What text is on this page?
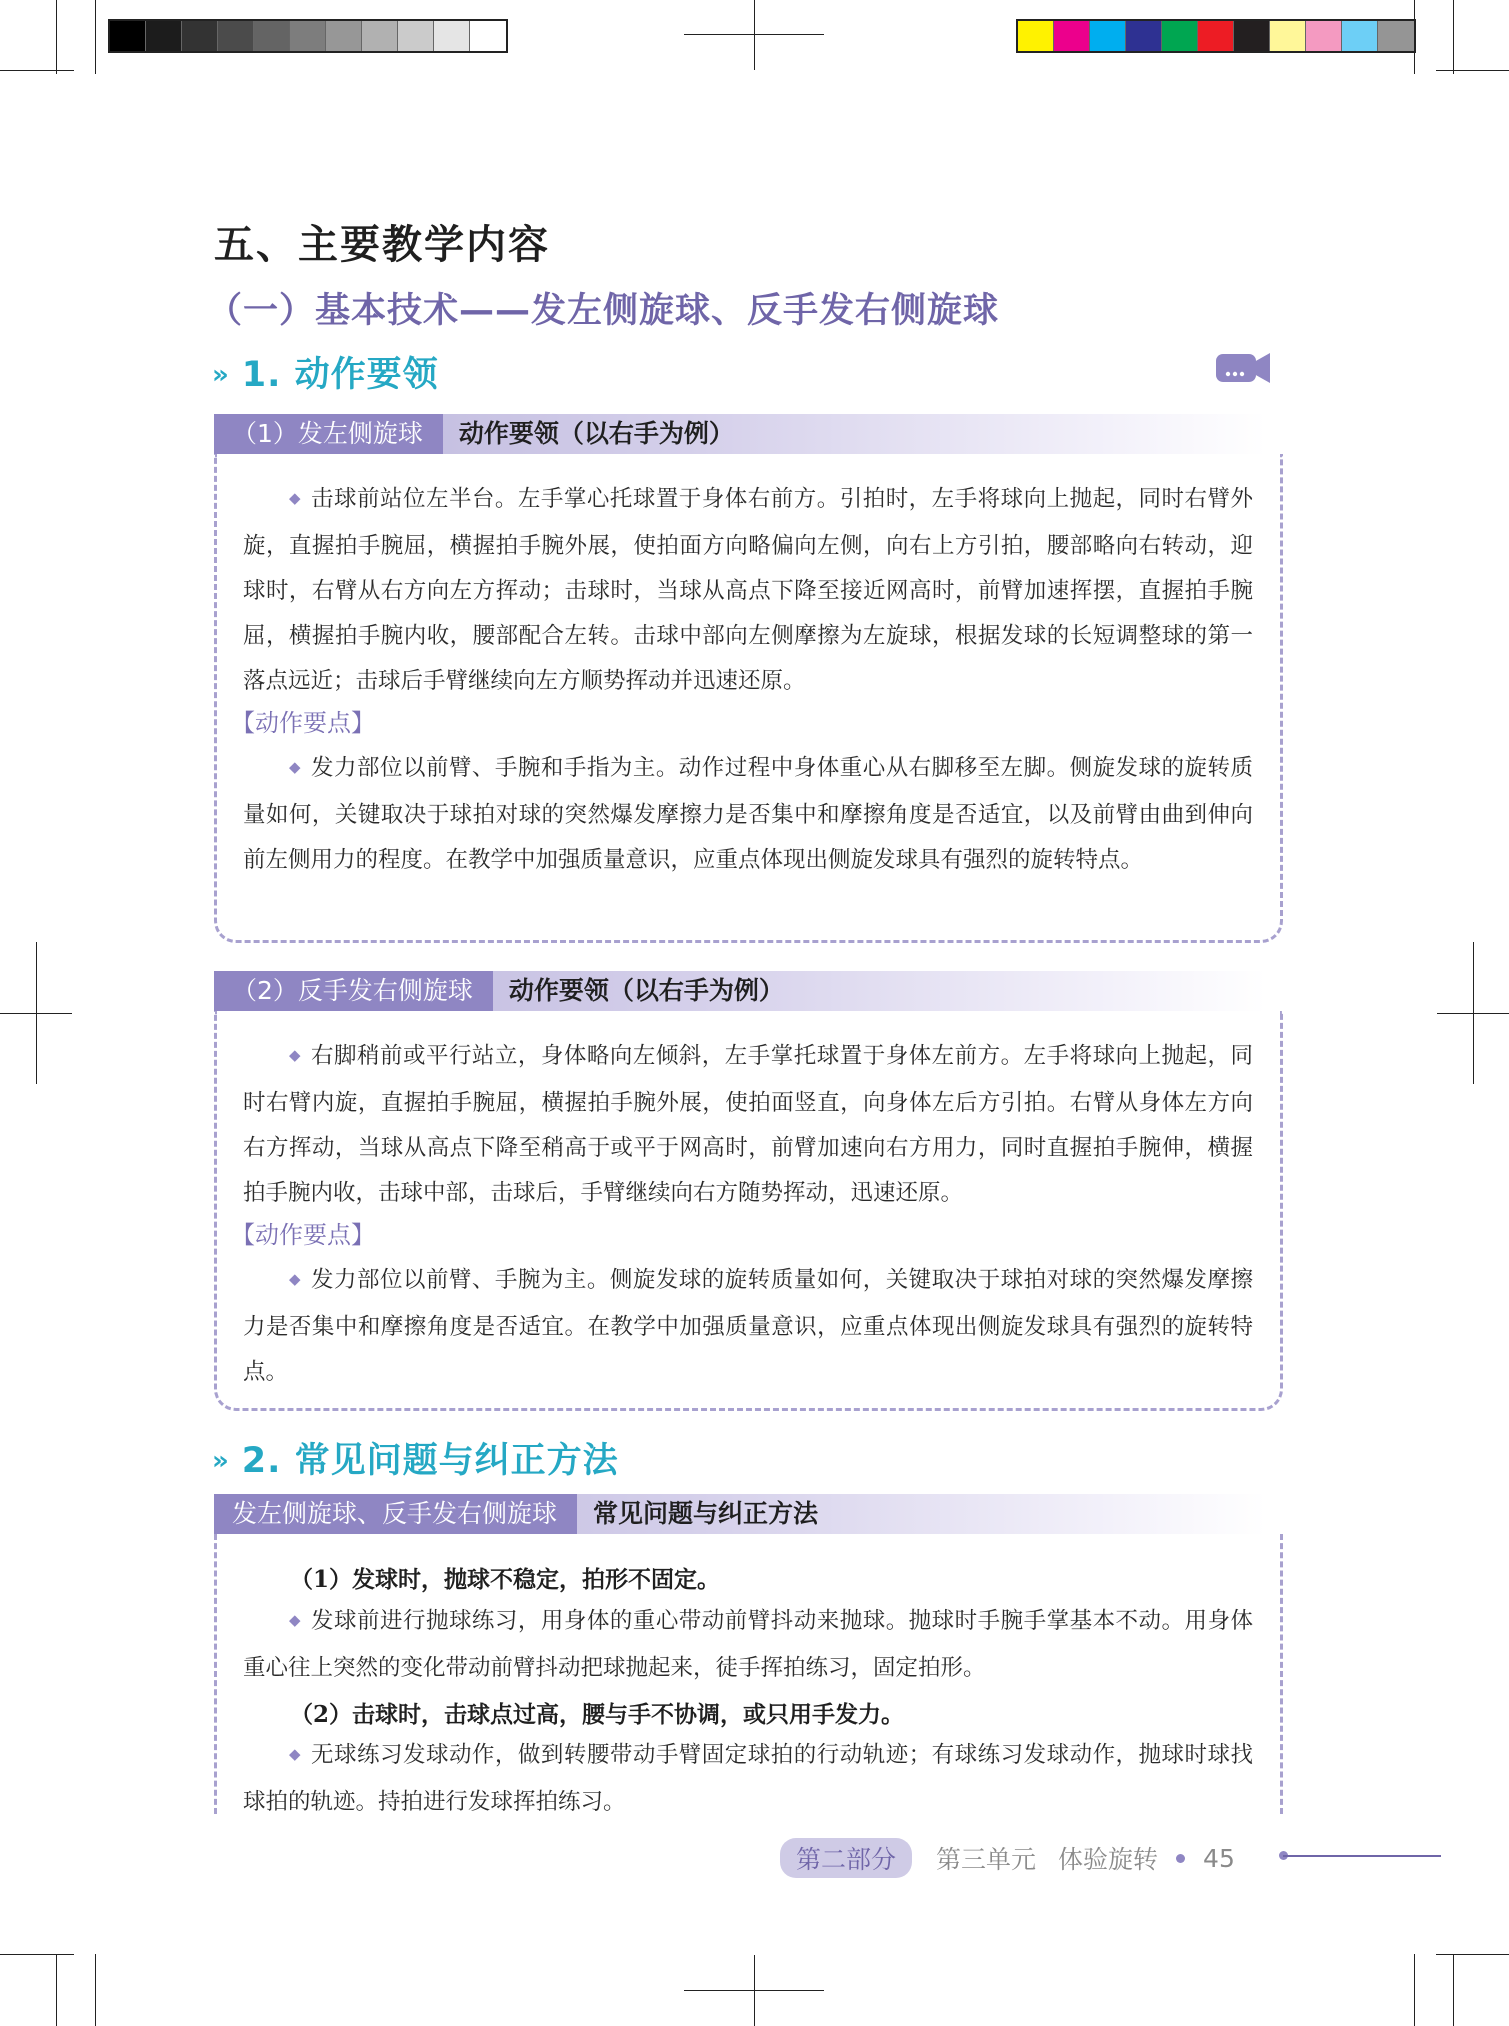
五、主要教学内容
（一）基本技术——发左侧旋球、反手发右侧旋球
» 1. 动作要领
（1）发左侧旋球	动作要领（以右手为例）

◆ 击球前站位左半台。左手掌心托球置于身体右前方。引拍时，左手将球向上抛起，同时右臂外旋，直握拍手腕屈，横握拍手腕外展，使拍面方向略偏向左侧，向右上方引拍，腰部略向右转动，迎球时，右臂从右方向左方挥动；击球时，当球从高点下降至接近网高时，前臂加速挥摆，直握拍手腕屈，横握拍手腕内收，腰部配合左转。击球中部向左侧摩擦为左旋球，根据发球的长短调整球的第一落点远近；击球后手臂继续向左方顺势挥动并迅速还原。

【动作要点】

◆ 发力部位以前臂、手腕和手指为主。动作过程中身体重心从右脚移至左脚。侧旋发球的旋转质量如何，关键取决于球拍对球的突然爆发摩擦力是否集中和摩擦角度是否适宜，以及前臂由曲到伸向前左侧用力的程度。在教学中加强质量意识，应重点体现出侧旋发球具有强烈的旋转特点。

（2）反手发右侧旋球	动作要领（以右手为例）

◆ 右脚稍前或平行站立，身体略向左倾斜，左手掌托球置于身体左前方。左手将球向上抛起，同时右臂内旋，直握拍手腕屈，横握拍手腕外展，使拍面竖直，向身体左后方引拍。右臂从身体左方向右方挥动，当球从高点下降至稍高于或平于网高时，前臂加速向右方用力，同时直握拍手腕伸，横握拍手腕内收，击球中部，击球后，手臂继续向右方随势挥动，迅速还原。

【动作要点】

◆ 发力部位以前臂、手腕为主。侧旋发球的旋转质量如何，关键取决于球拍对球的突然爆发摩擦力是否集中和摩擦角度是否适宜。在教学中加强质量意识，应重点体现出侧旋发球具有强烈的旋转特点。

» 2. 常见问题与纠正方法
发左侧旋球、反手发右侧旋球	常见问题与纠正方法

（1）发球时，抛球不稳定，拍形不固定。

◆ 发球前进行抛球练习，用身体的重心带动前臂抖动来抛球。抛球时手腕手掌基本不动。用身体重心往上突然的变化带动前臂抖动把球抛起来，徒手挥拍练习，固定拍形。

（2）击球时，击球点过高，腰与手不协调，或只用手发力。

◆ 无球练习发球动作，做到转腰带动手臂固定球拍的行动轨迹；有球练习发球动作，抛球时球找球拍的轨迹。持拍进行发球挥拍练习。

第二部分	第三单元 体验旋转 45
